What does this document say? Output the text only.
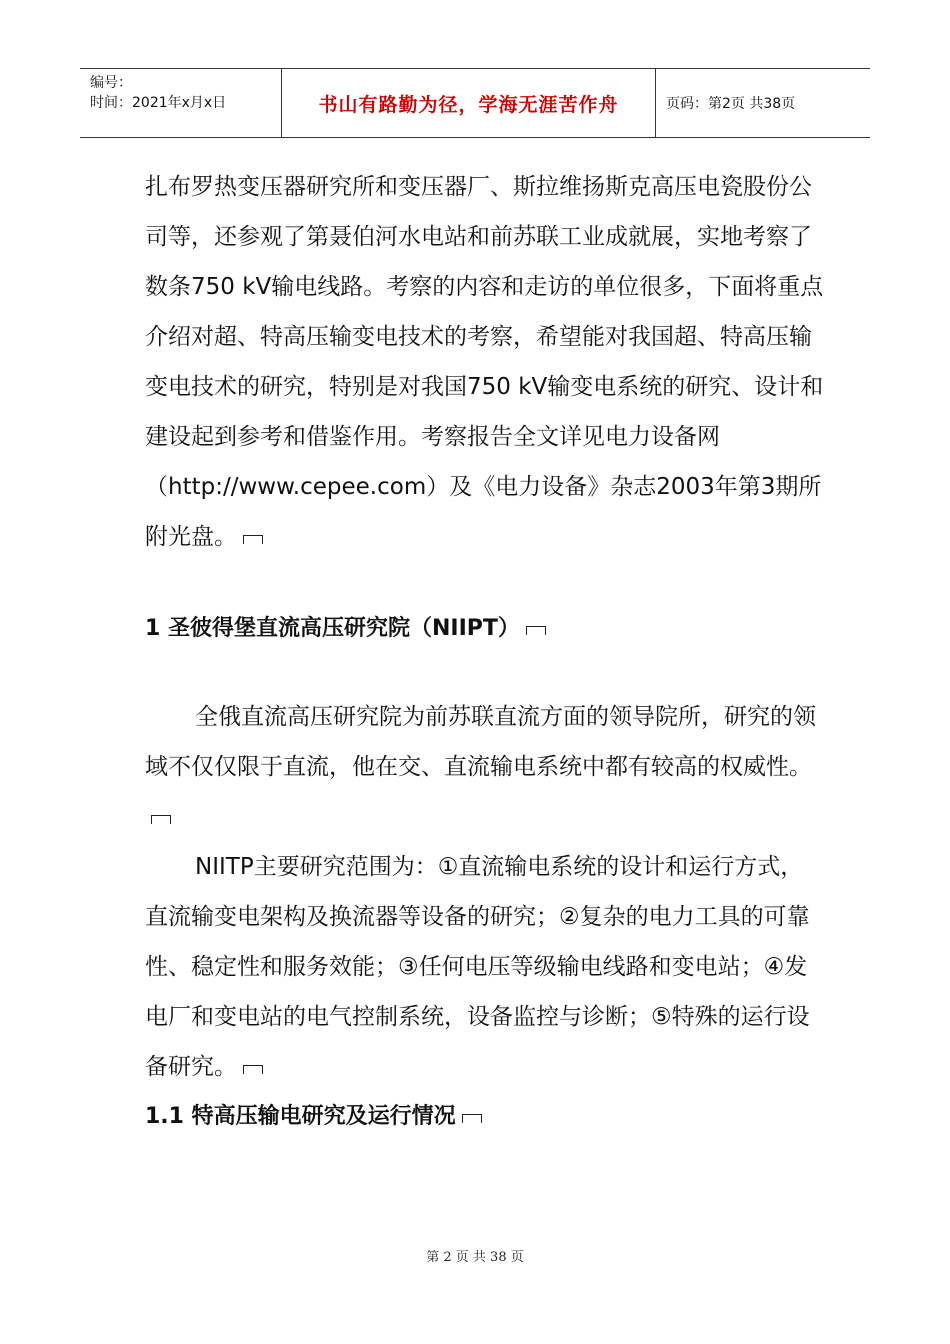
编号：
时间：2021年x月x日	书山有路勤为径，学海无涯苦作舟	页码：第2页 共38页

扎布罗热变压器研究所和变压器厂、斯拉维扬斯克高压电瓷股份公司等，还参观了第聂伯河水电站和前苏联工业成就展，实地考察了数条750 kV输电线路。考察的内容和走访的单位很多，下面将重点介绍对超、特高压输变电技术的考察，希望能对我国超、特高压输变电技术的研究，特别是对我国750 kV输变电系统的研究、设计和建设起到参考和借鉴作用。考察报告全文详见电力设备网（http://www.cepee.com）及《电力设备》杂志2003年第3期所附光盘。

1 圣彼得堡直流高压研究院（NIIPT）

全俄直流高压研究院为前苏联直流方面的领导院所，研究的领域不仅仅限于直流，他在交、直流输电系统中都有较高的权威性。

NIITP主要研究范围为：①直流输电系统的设计和运行方式，直流输变电架构及换流器等设备的研究；②复杂的电力工具的可靠性、稳定性和服务效能；③任何电压等级输电线路和变电站；④发电厂和变电站的电气控制系统，设备监控与诊断；⑤特殊的运行设备研究。

1.1 特高压输电研究及运行情况

第 2 页 共 38 页
